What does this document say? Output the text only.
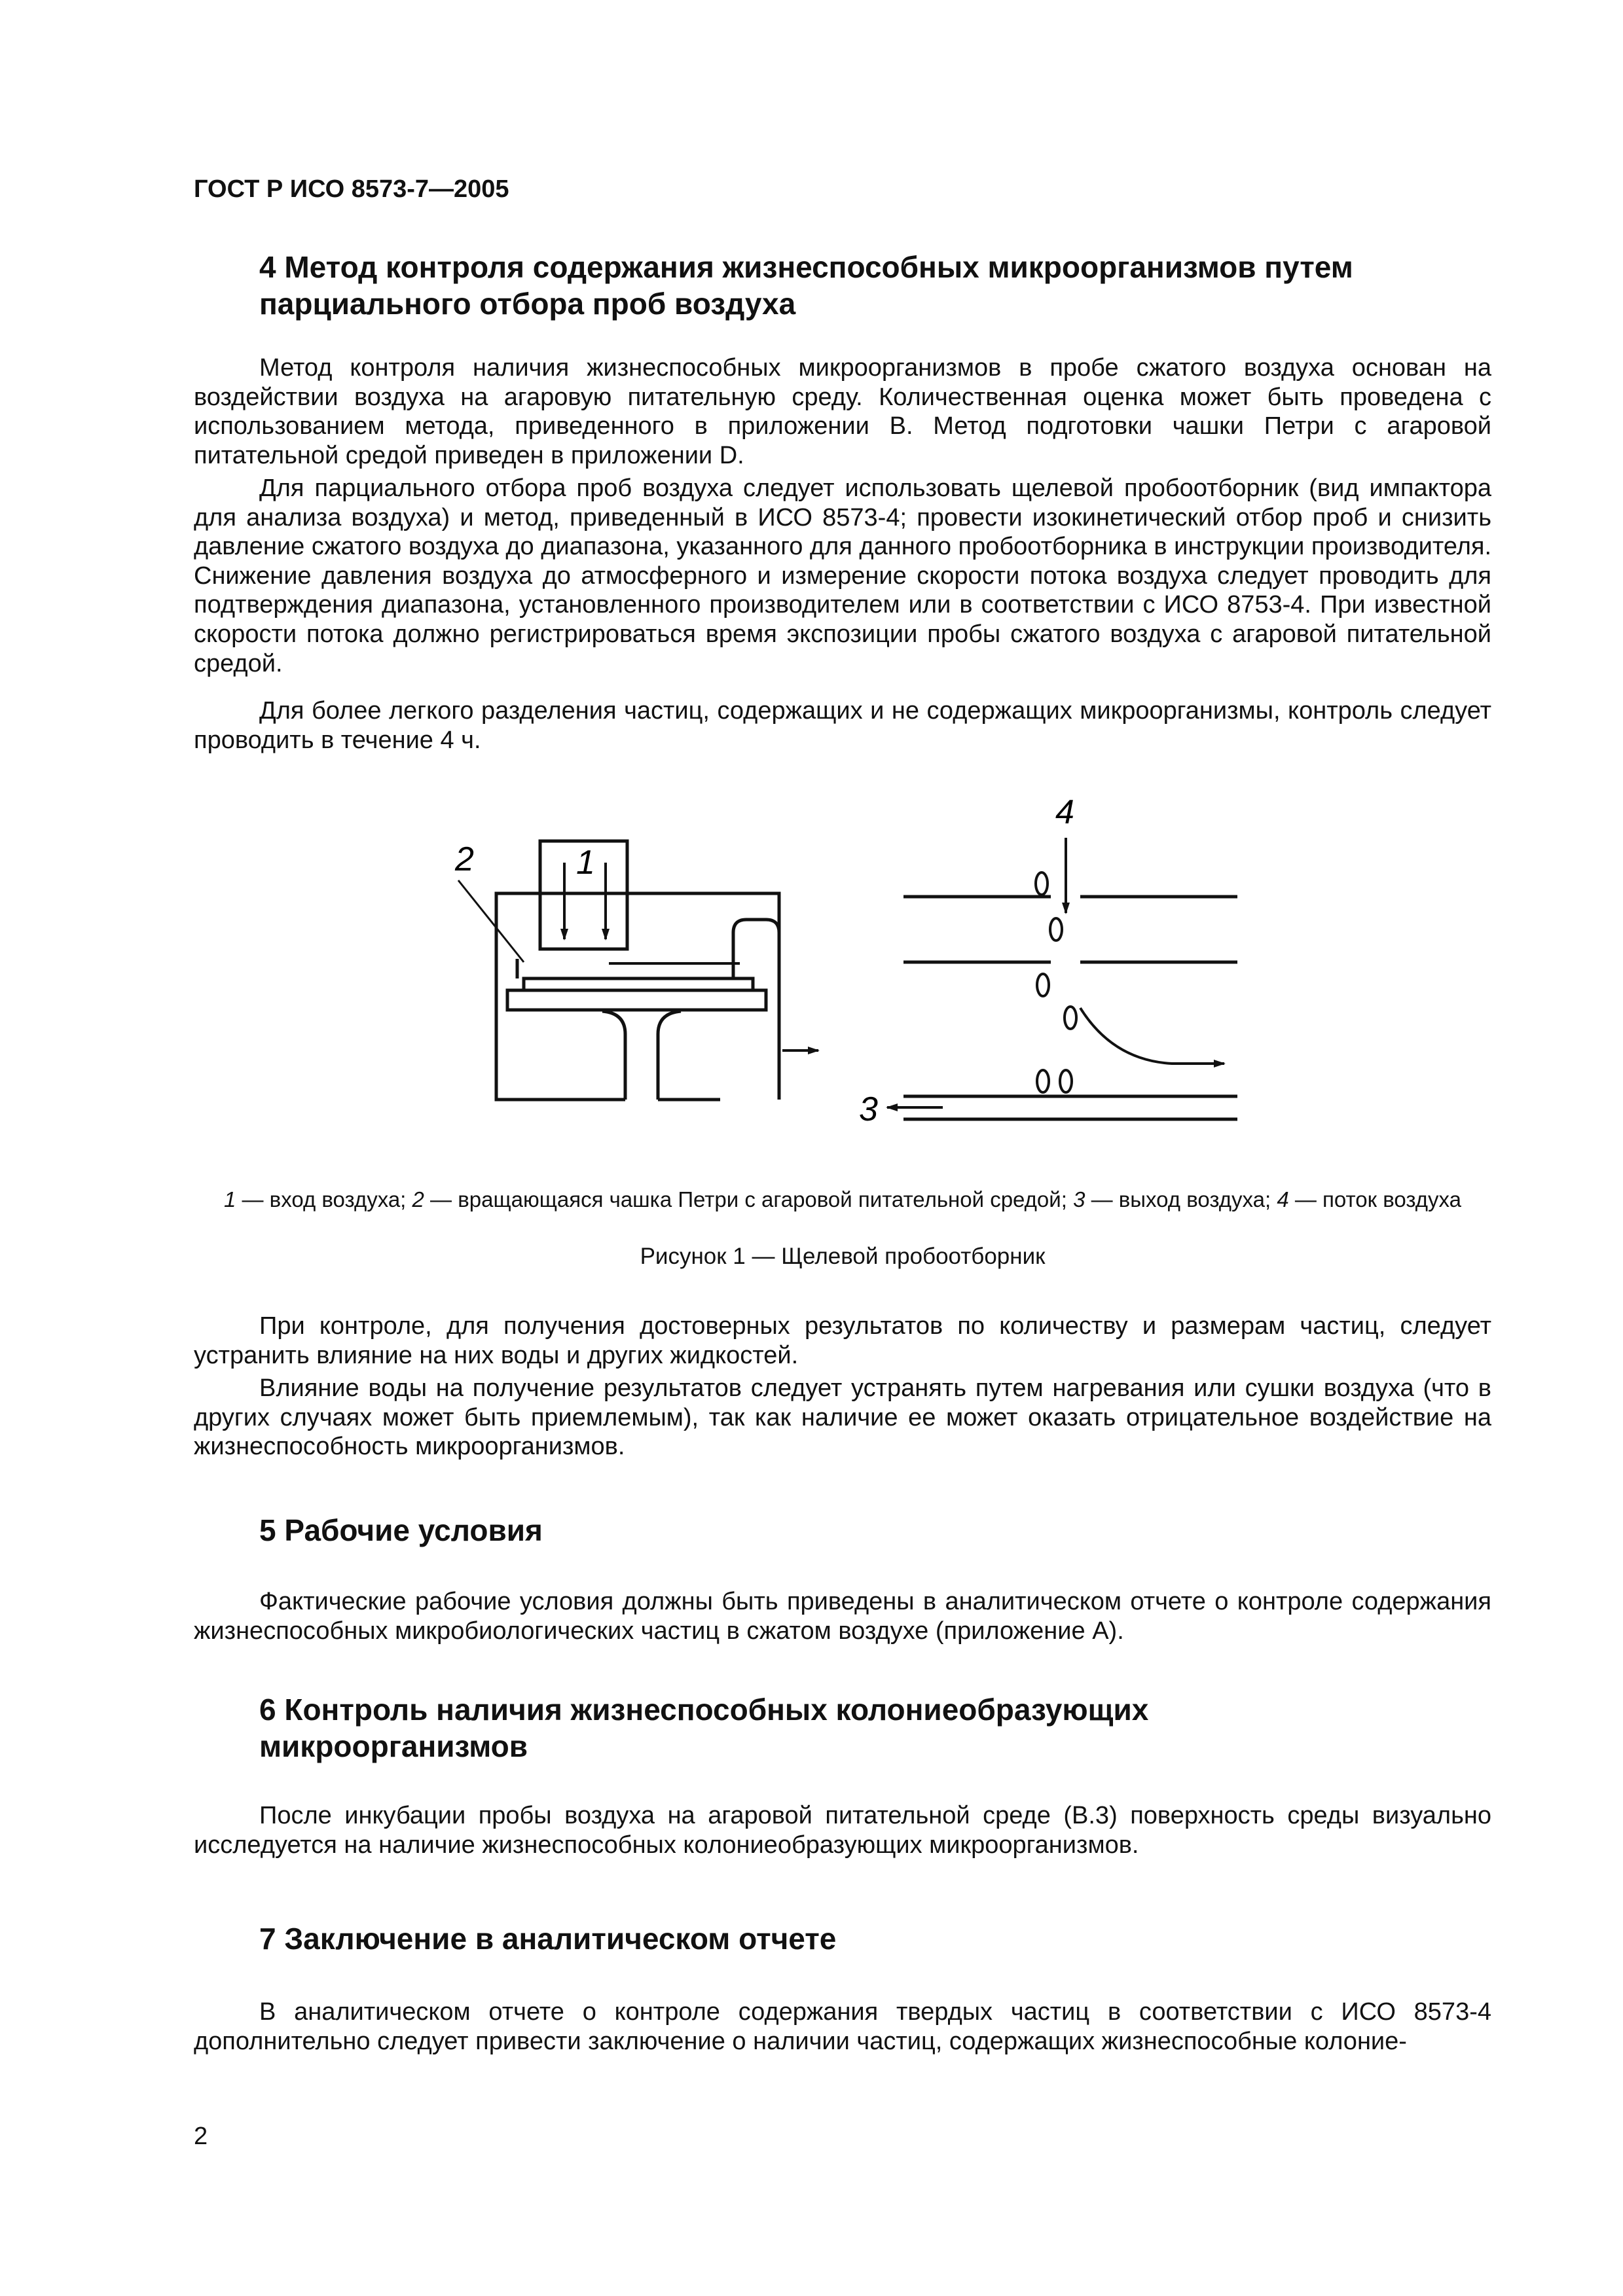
ГОСТ Р ИСО 8573-7—2005
4 Метод контроля содержания жизнеспособных микроорганизмов путем
парциального отбора проб воздуха

Метод контроля наличия жизнеспособных микроорганизмов в пробе сжатого воздуха основан на воздействии воздуха на агаровую питательную среду. Количественная оценка может быть проведена с использованием метода, приведенного в приложении В. Метод подготовки чашки Петри с агаровой питательной средой приведен в приложении D.

Для парциального отбора проб воздуха следует использовать щелевой пробоотборник (вид импактора для анализа воздуха) и метод, приведенный в ИСО 8573-4; провести изокинетический отбор проб и снизить давление сжатого воздуха до диапазона, указанного для данного пробоотборника в инструкции производителя. Снижение давления воздуха до атмосферного и измерение скорости потока воздуха следует проводить для подтверждения диапазона, установленного производителем или в соответствии с ИСО 8753-4. При известной скорости потока должно регистрироваться время экспозиции пробы сжатого воздуха с агаровой питательной средой.

Для более легкого разделения частиц, содержащих и не содержащих микроорганизмы, контроль следует проводить в течение 4 ч.

2	1
4
3
1 — вход воздуха; 2 — вращающаяся чашка Петри с агаровой питательной средой; 3 — выход воздуха; 4 — поток воздуха
Рисунок 1 — Щелевой пробоотборник

При контроле, для получения достоверных результатов по количеству и размерам частиц, следует устранить влияние на них воды и других жидкостей.

Влияние воды на получение результатов следует устранять путем нагревания или сушки воздуха (что в других случаях может быть приемлемым), так как наличие ее может оказать отрицательное воздействие на жизнеспособность микроорганизмов.

5 Рабочие условия

Фактические рабочие условия должны быть приведены в аналитическом отчете о контроле содержания жизнеспособных микробиологических частиц в сжатом воздухе (приложение А).

6 Контроль наличия жизнеспособных колониеобразующих
микроорганизмов

После инкубации пробы воздуха на агаровой питательной среде (В.3) поверхность среды визуально исследуется на наличие жизнеспособных колониеобразующих микроорганизмов.

7 Заключение в аналитическом отчете

В аналитическом отчете о контроле содержания твердых частиц в соответствии с ИСО 8573-4 дополнительно следует привести заключение о наличии частиц, содержащих жизнеспособные колоние-

2
